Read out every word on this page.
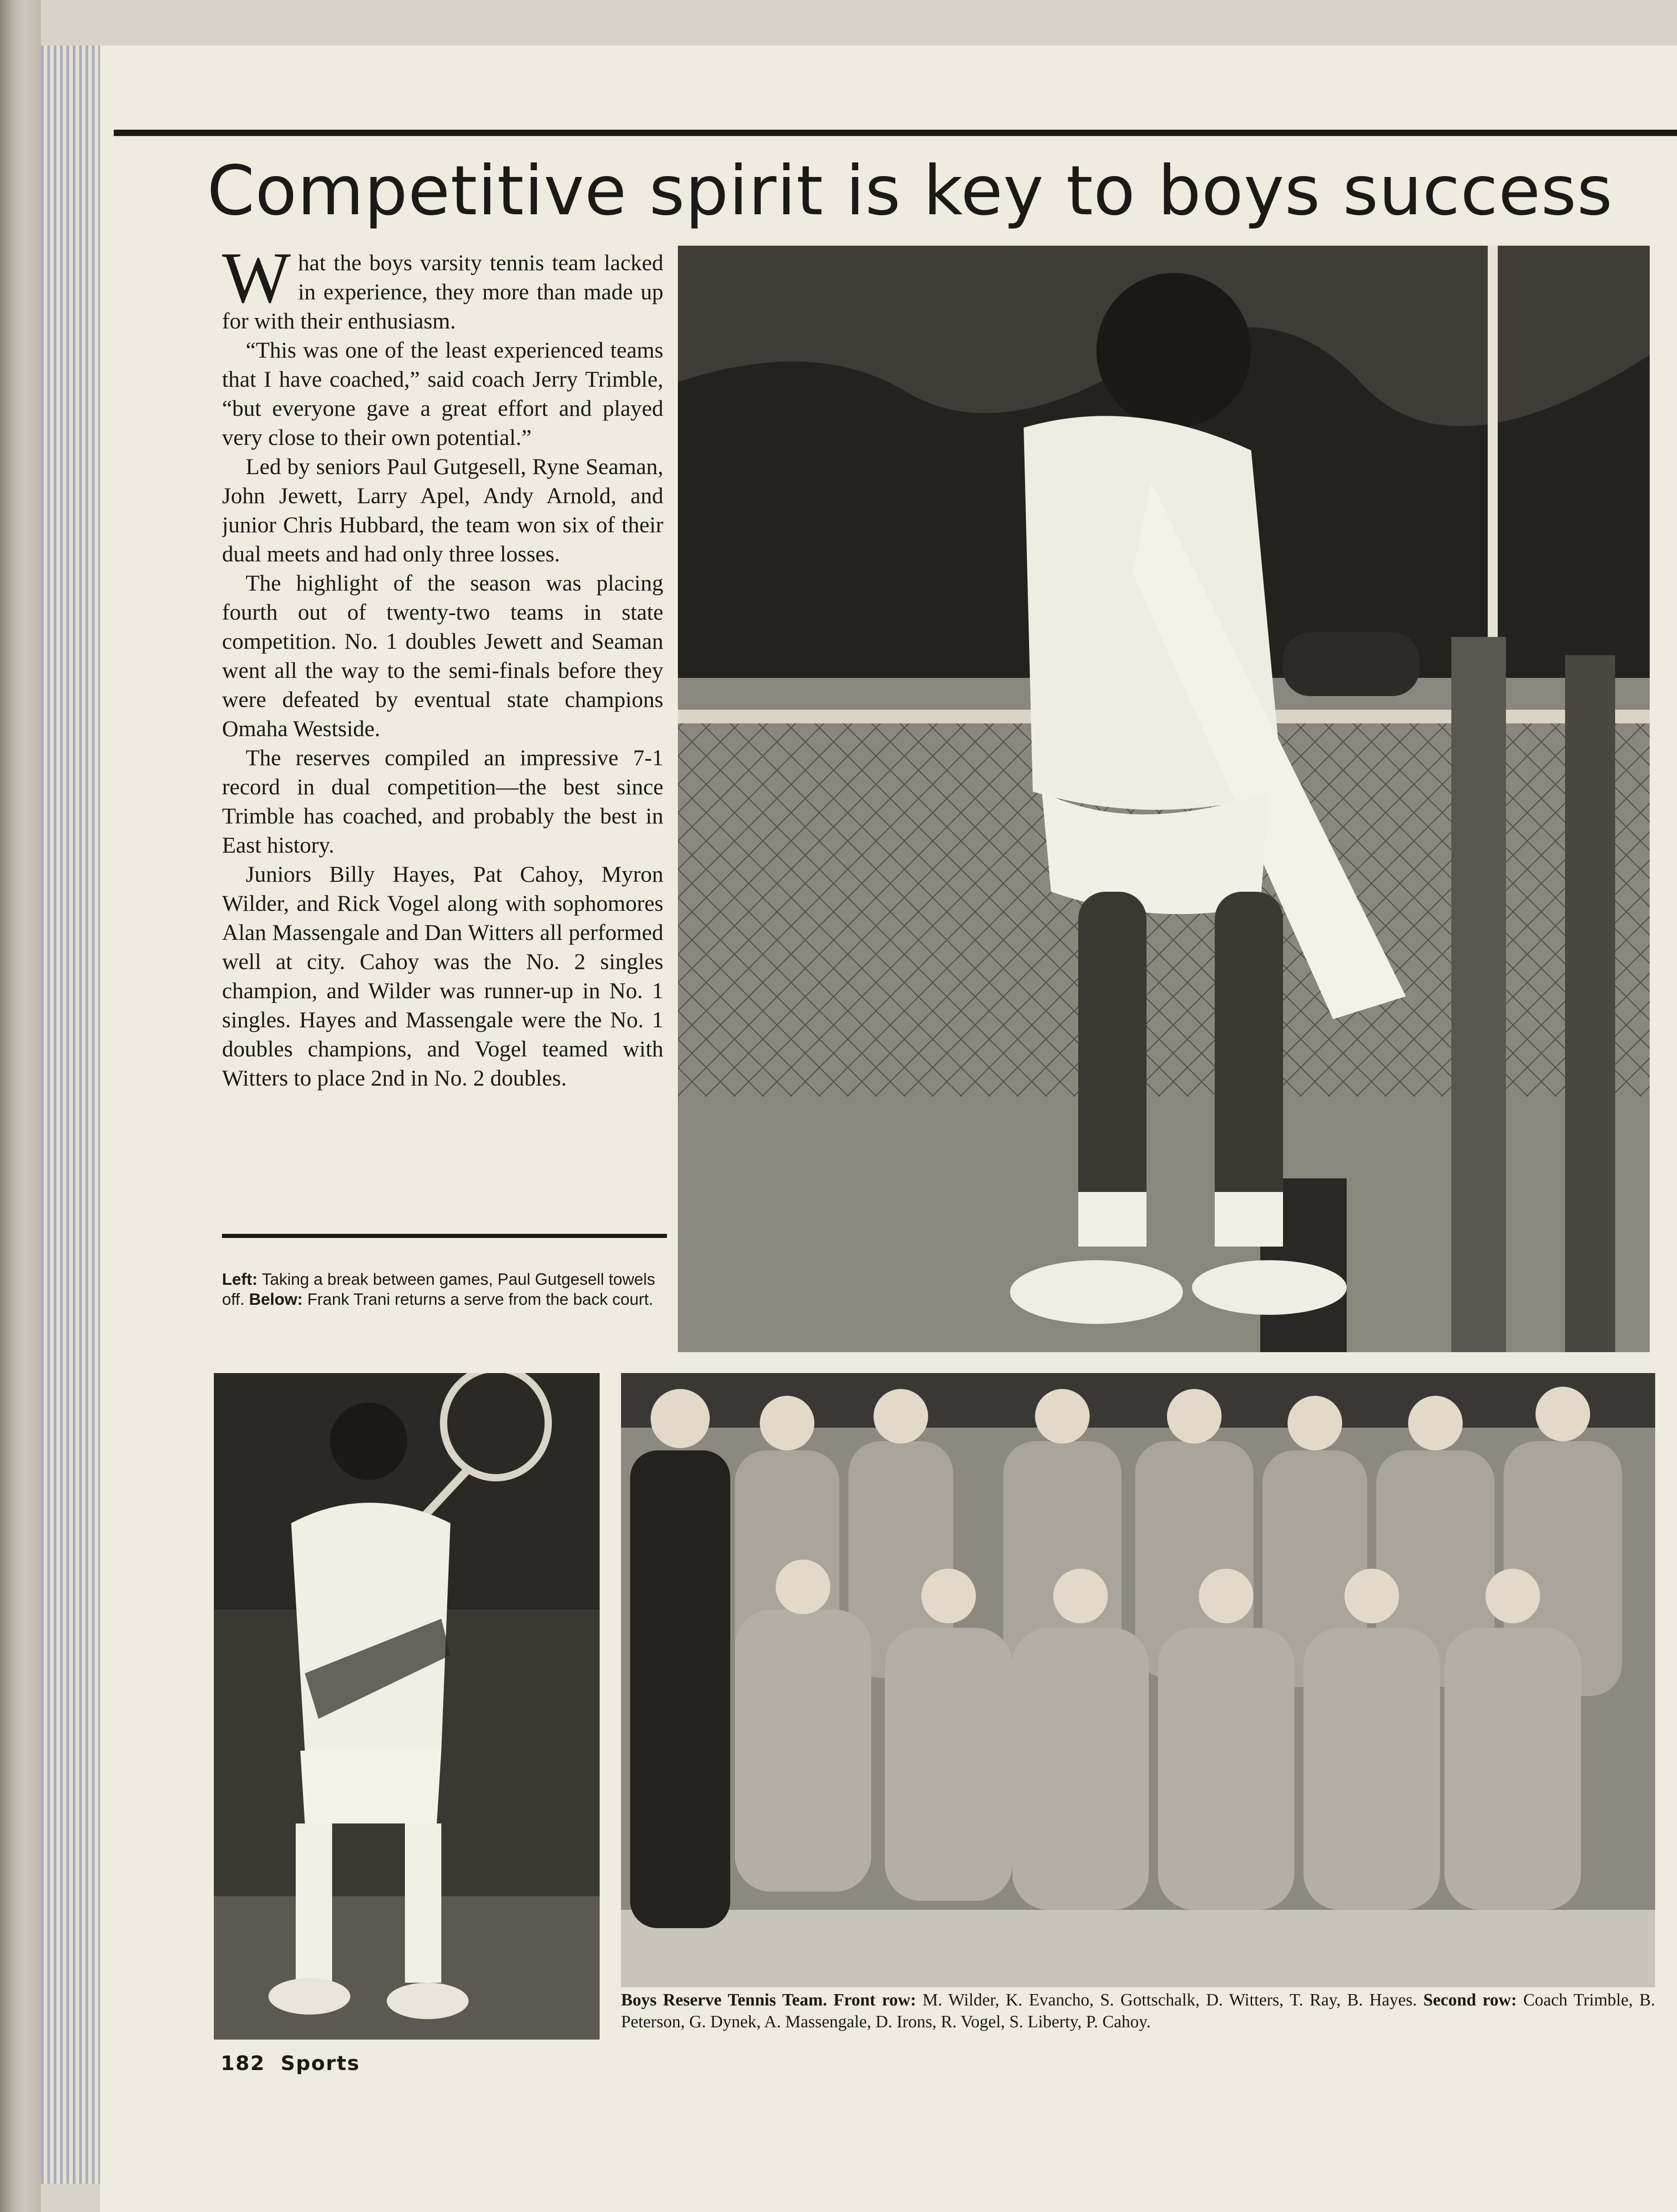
Competitive spirit is key to boys success

What the boys varsity tennis team lacked in experience, they more than made up for with their enthusiasm.

“This was one of the least experienced teams that I have coached,” said coach Jerry Trimble, “but everyone gave a great effort and played very close to their own potential.”

Led by seniors Paul Gutgesell, Ryne Seaman, John Jewett, Larry Apel, Andy Arnold, and junior Chris Hubbard, the team won six of their dual meets and had only three losses.

The highlight of the season was placing fourth out of twenty-two teams in state competition. No. 1 doubles Jewett and Seaman went all the way to the semi-finals before they were defeated by eventual state champions Omaha Westside.

The reserves compiled an impressive 7-1 record in dual competition—the best since Trimble has coached, and probably the best in East history.

Juniors Billy Hayes, Pat Cahoy, Myron Wilder, and Rick Vogel along with sophomores Alan Massengale and Dan Witters all performed well at city. Cahoy was the No. 2 singles champion, and Wilder was runner-up in No. 1 singles. Hayes and Massengale were the No. 1 doubles champions, and Vogel teamed with Witters to place 2nd in No. 2 doubles.

Left: Taking a break between games, Paul Gutgesell towels off. Below: Frank Trani returns a serve from the back court.
Boys Reserve Tennis Team. Front row: M. Wilder, K. Evancho, S. Gottschalk, D. Witters, T. Ray, B. Hayes. Second row: Coach Trimble, B. Peterson, G. Dynek, A. Massengale, D. Irons, R. Vogel, S. Liberty, P. Cahoy.
182 Sports
